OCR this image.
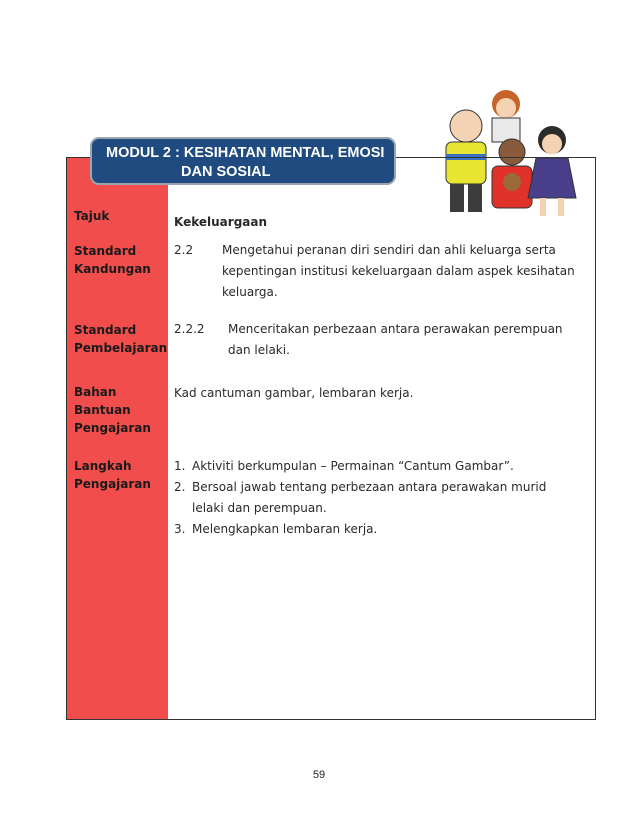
MODUL 2 : KESIHATAN MENTAL, EMOSI
DAN SOSIAL
Tajuk	Kekeluargaan
Standard
Kandungan
2.2 Mengetahui peranan diri sendiri dan ahli keluarga serta
kepentingan institusi kekeluargaan dalam aspek kesihatan
keluarga.
Standard
Pembelajaran
2.2.2 Menceritakan perbezaan antara perawakan perempuan
dan lelaki.
Bahan
Bantuan
Pengajaran
Kad cantuman gambar, lembaran kerja.
Langkah
Pengajaran
1. Aktiviti berkumpulan – Permainan “Cantum Gambar”.
2. Bersoal jawab tentang perbezaan antara perawakan murid lelaki dan perempuan.
3. Melengkapkan lembaran kerja.
59
